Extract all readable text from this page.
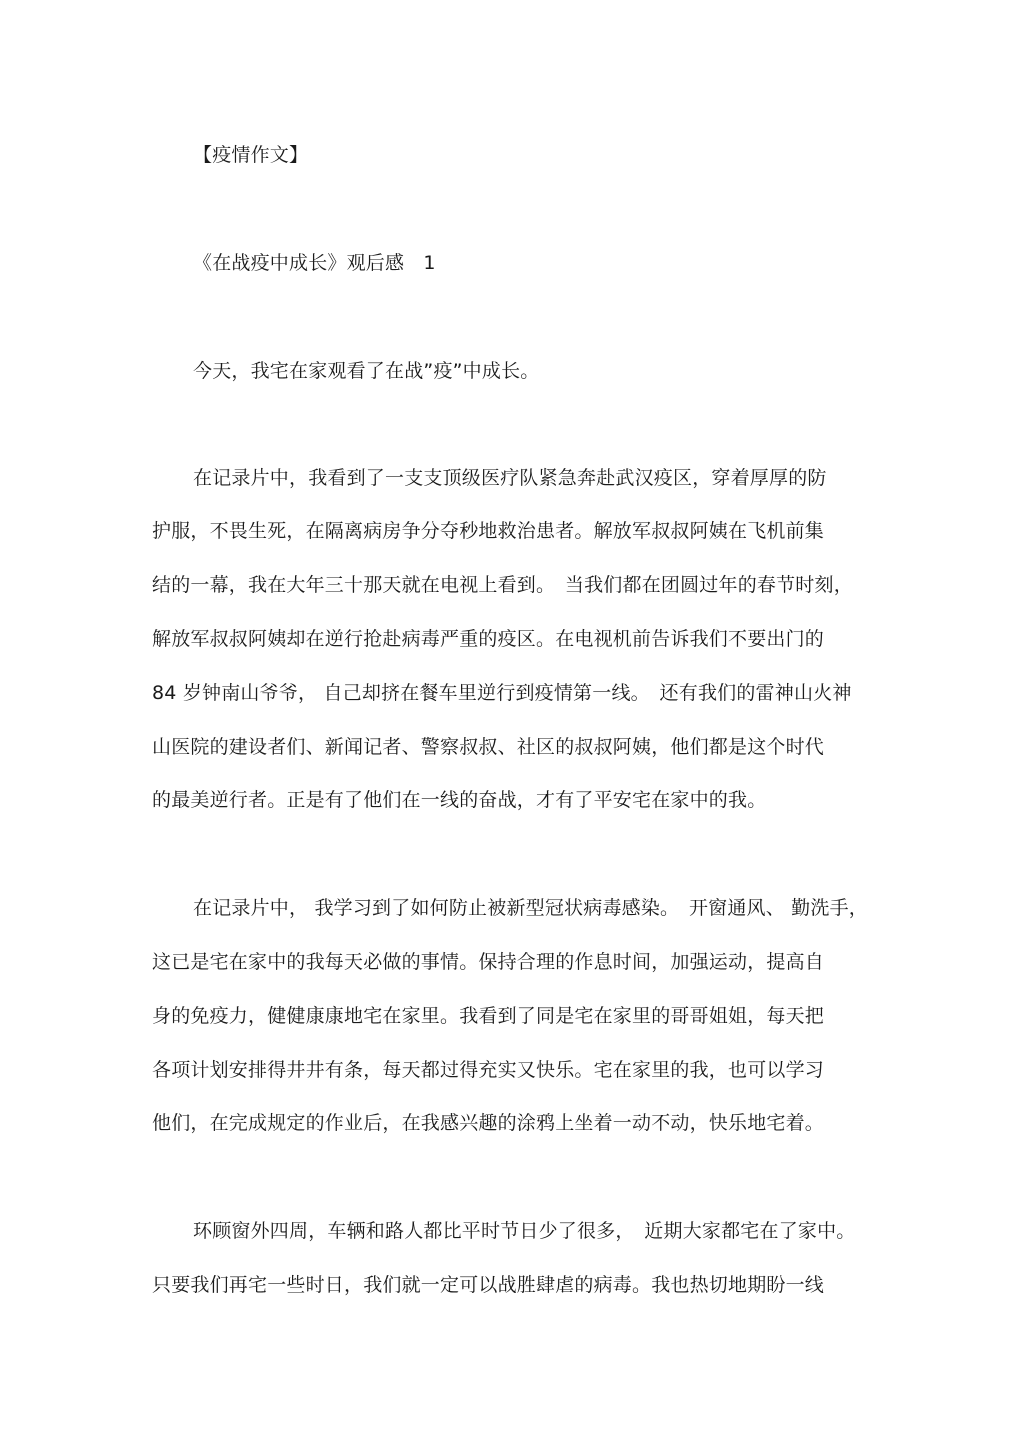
【疫情作文】
《在战疫中成长》观后感　1
今天，我宅在家观看了在战”疫”中成长。
在记录片中，我看到了一支支顶级医疗队紧急奔赴武汉疫区，穿着厚厚的防
护服，不畏生死，在隔离病房争分夺秒地救治患者。解放军叔叔阿姨在飞机前集
结的一幕，我在大年三十那天就在电视上看到。　当我们都在团圆过年的春节时刻，
解放军叔叔阿姨却在逆行抢赴病毒严重的疫区。在电视机前告诉我们不要出门的
84 岁钟南山爷爷， 自己却挤在餐车里逆行到疫情第一线。　还有我们的雷神山火神
山医院的建设者们、新闻记者、警察叔叔、社区的叔叔阿姨，他们都是这个时代
的最美逆行者。正是有了他们在一线的奋战，才有了平安宅在家中的我。
在记录片中， 我学习到了如何防止被新型冠状病毒感染。　开窗通风、 勤洗手，
这已是宅在家中的我每天必做的事情。保持合理的作息时间，加强运动，提高自
身的免疫力，健健康康地宅在家里。我看到了同是宅在家里的哥哥姐姐，每天把
各项计划安排得井井有条，每天都过得充实又快乐。宅在家里的我，也可以学习
他们，在完成规定的作业后，在我感兴趣的涂鸦上坐着一动不动，快乐地宅着。
环顾窗外四周，车辆和路人都比平时节日少了很多，　近期大家都宅在了家中。
只要我们再宅一些时日，我们就一定可以战胜肆虐的病毒。我也热切地期盼一线
